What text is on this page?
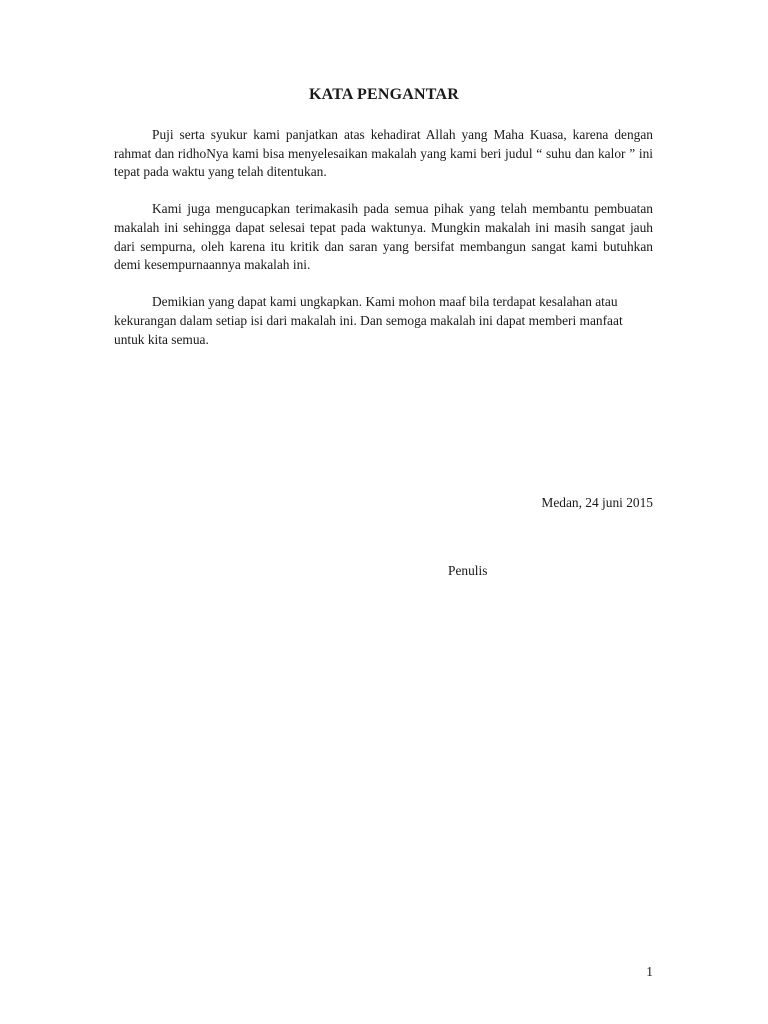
KATA PENGANTAR

Puji serta syukur kami panjatkan atas kehadirat Allah yang Maha Kuasa, karena dengan rahmat dan ridhoNya kami bisa menyelesaikan makalah yang kami beri judul “ suhu dan kalor ” ini tepat pada waktu yang telah ditentukan.

Kami juga mengucapkan terimakasih pada semua pihak yang telah membantu pembuatan makalah ini sehingga dapat selesai tepat pada waktunya. Mungkin makalah ini masih sangat jauh dari sempurna, oleh karena itu kritik dan saran yang bersifat membangun sangat kami butuhkan demi kesempurnaannya makalah ini.

Demikian yang dapat kami ungkapkan. Kami mohon maaf bila terdapat kesalahan atau kekurangan dalam setiap isi dari makalah ini. Dan semoga makalah ini dapat memberi manfaat untuk kita semua.

Medan, 24 juni 2015
Penulis
1
